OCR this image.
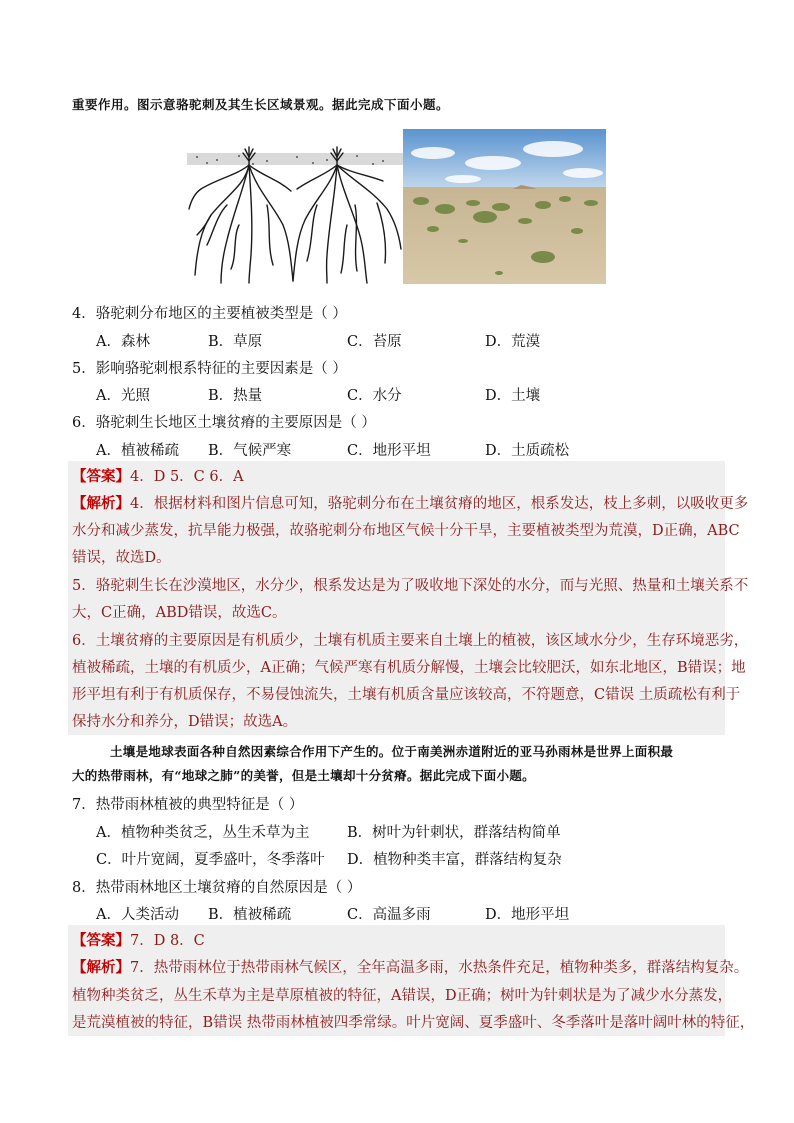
重要作用。图示意骆驼刺及其生长区域景观。据此完成下面小题。
4．骆驼刺分布地区的主要植被类型是（ ）
A．森林	B．草原	C．苔原	D．荒漠
5．影响骆驼刺根系特征的主要因素是（ ）
A．光照	B．热量	C．水分	D．土壤
6．骆驼刺生长地区土壤贫瘠的主要原因是（ ）
A．植被稀疏 B．气候严寒	C．地形平坦	D．土质疏松
【答案】4．D 5．C 6．A
【解析】4．根据材料和图片信息可知，骆驼刺分布在土壤贫瘠的地区，根系发达，枝上多刺，以吸收更多
水分和减少蒸发，抗旱能力极强，故骆驼刺分布地区气候十分干旱，主要植被类型为荒漠，D正确，ABC
错误，故选D。
5．骆驼刺生长在沙漠地区，水分少，根系发达是为了吸收地下深处的水分，而与光照、热量和土壤关系不
大，C正确，ABD错误，故选C。
6．土壤贫瘠的主要原因是有机质少，土壤有机质主要来自土壤上的植被，该区域水分少，生存环境恶劣，
植被稀疏，土壤的有机质少，A正确；气候严寒有机质分解慢，土壤会比较肥沃，如东北地区，B错误；地
形平坦有利于有机质保存，不易侵蚀流失，土壤有机质含量应该较高，不符题意，C错误 土质疏松有利于
保持水分和养分，D错误；故选A。
土壤是地球表面各种自然因素综合作用下产生的。位于南美洲赤道附近的亚马孙雨林是世界上面积最
大的热带雨林，有“地球之肺”的美誉，但是土壤却十分贫瘠。据此完成下面小题。
7．热带雨林植被的典型特征是（ ）
A．植物种类贫乏，丛生禾草为主	B．树叶为针刺状，群落结构简单
C．叶片宽阔，夏季盛叶，冬季落叶 D．植物种类丰富，群落结构复杂
8．热带雨林地区土壤贫瘠的自然原因是（ ）
A．人类活动 B．植被稀疏	C．高温多雨	D．地形平坦
【答案】7．D 8．C
【解析】7．热带雨林位于热带雨林气候区，全年高温多雨，水热条件充足，植物种类多，群落结构复杂。
植物种类贫乏，丛生禾草为主是草原植被的特征，A错误，D正确；树叶为针刺状是为了减少水分蒸发，
是荒漠植被的特征，B错误 热带雨林植被四季常绿。叶片宽阔、夏季盛叶、冬季落叶是落叶阔叶林的特征，
